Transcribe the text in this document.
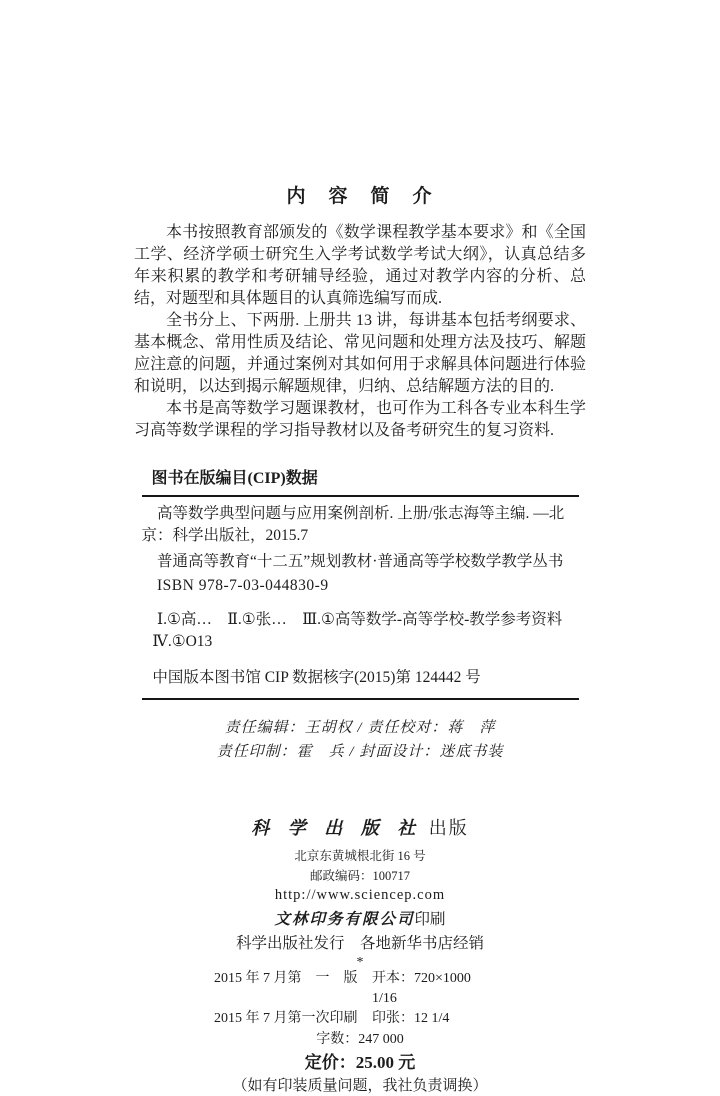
内　容　简　介

本书按照教育部颁发的《数学课程教学基本要求》和《全国工学、经济学硕士研究生入学考试数学考试大纲》，认真总结多年来积累的教学和考研辅导经验，通过对教学内容的分析、总结，对题型和具体题目的认真筛选编写而成.

全书分上、下两册. 上册共 13 讲，每讲基本包括考纲要求、基本概念、常用性质及结论、常见问题和处理方法及技巧、解题应注意的问题，并通过案例对其如何用于求解具体问题进行体验和说明，以达到揭示解题规律，归纳、总结解题方法的目的.

本书是高等数学习题课教材，也可作为工科各专业本科生学习高等数学课程的学习指导教材以及备考研究生的复习资料.

图书在版编目(CIP)数据
高等数学典型问题与应用案例剖析. 上册/张志海等主编. —北京：科学出版社，2015.7
普通高等教育“十二五”规划教材·普通高等学校数学教学丛书
ISBN 978-7-03-044830-9
Ⅰ.①高…　Ⅱ.①张…　Ⅲ.①高等数学-高等学校-教学参考资料
Ⅳ.①O13
中国版本图书馆 CIP 数据核字(2015)第 124442 号
责任编辑：王胡权 / 责任校对：蒋　萍
责任印制：霍　兵 / 封面设计：迷底书装
科 学 出 版 社 出版
北京东黄城根北街 16 号
邮政编码：100717
http://www.sciencep.com
文林印务有限公司印刷
科学出版社发行　各地新华书店经销
*
2015 年 7 月第　一　版	开本：720×1000　1/16
2015 年 7 月第一次印刷	印张：12 1/4
字数：247 000
定价：25.00 元
（如有印装质量问题，我社负责调换）
